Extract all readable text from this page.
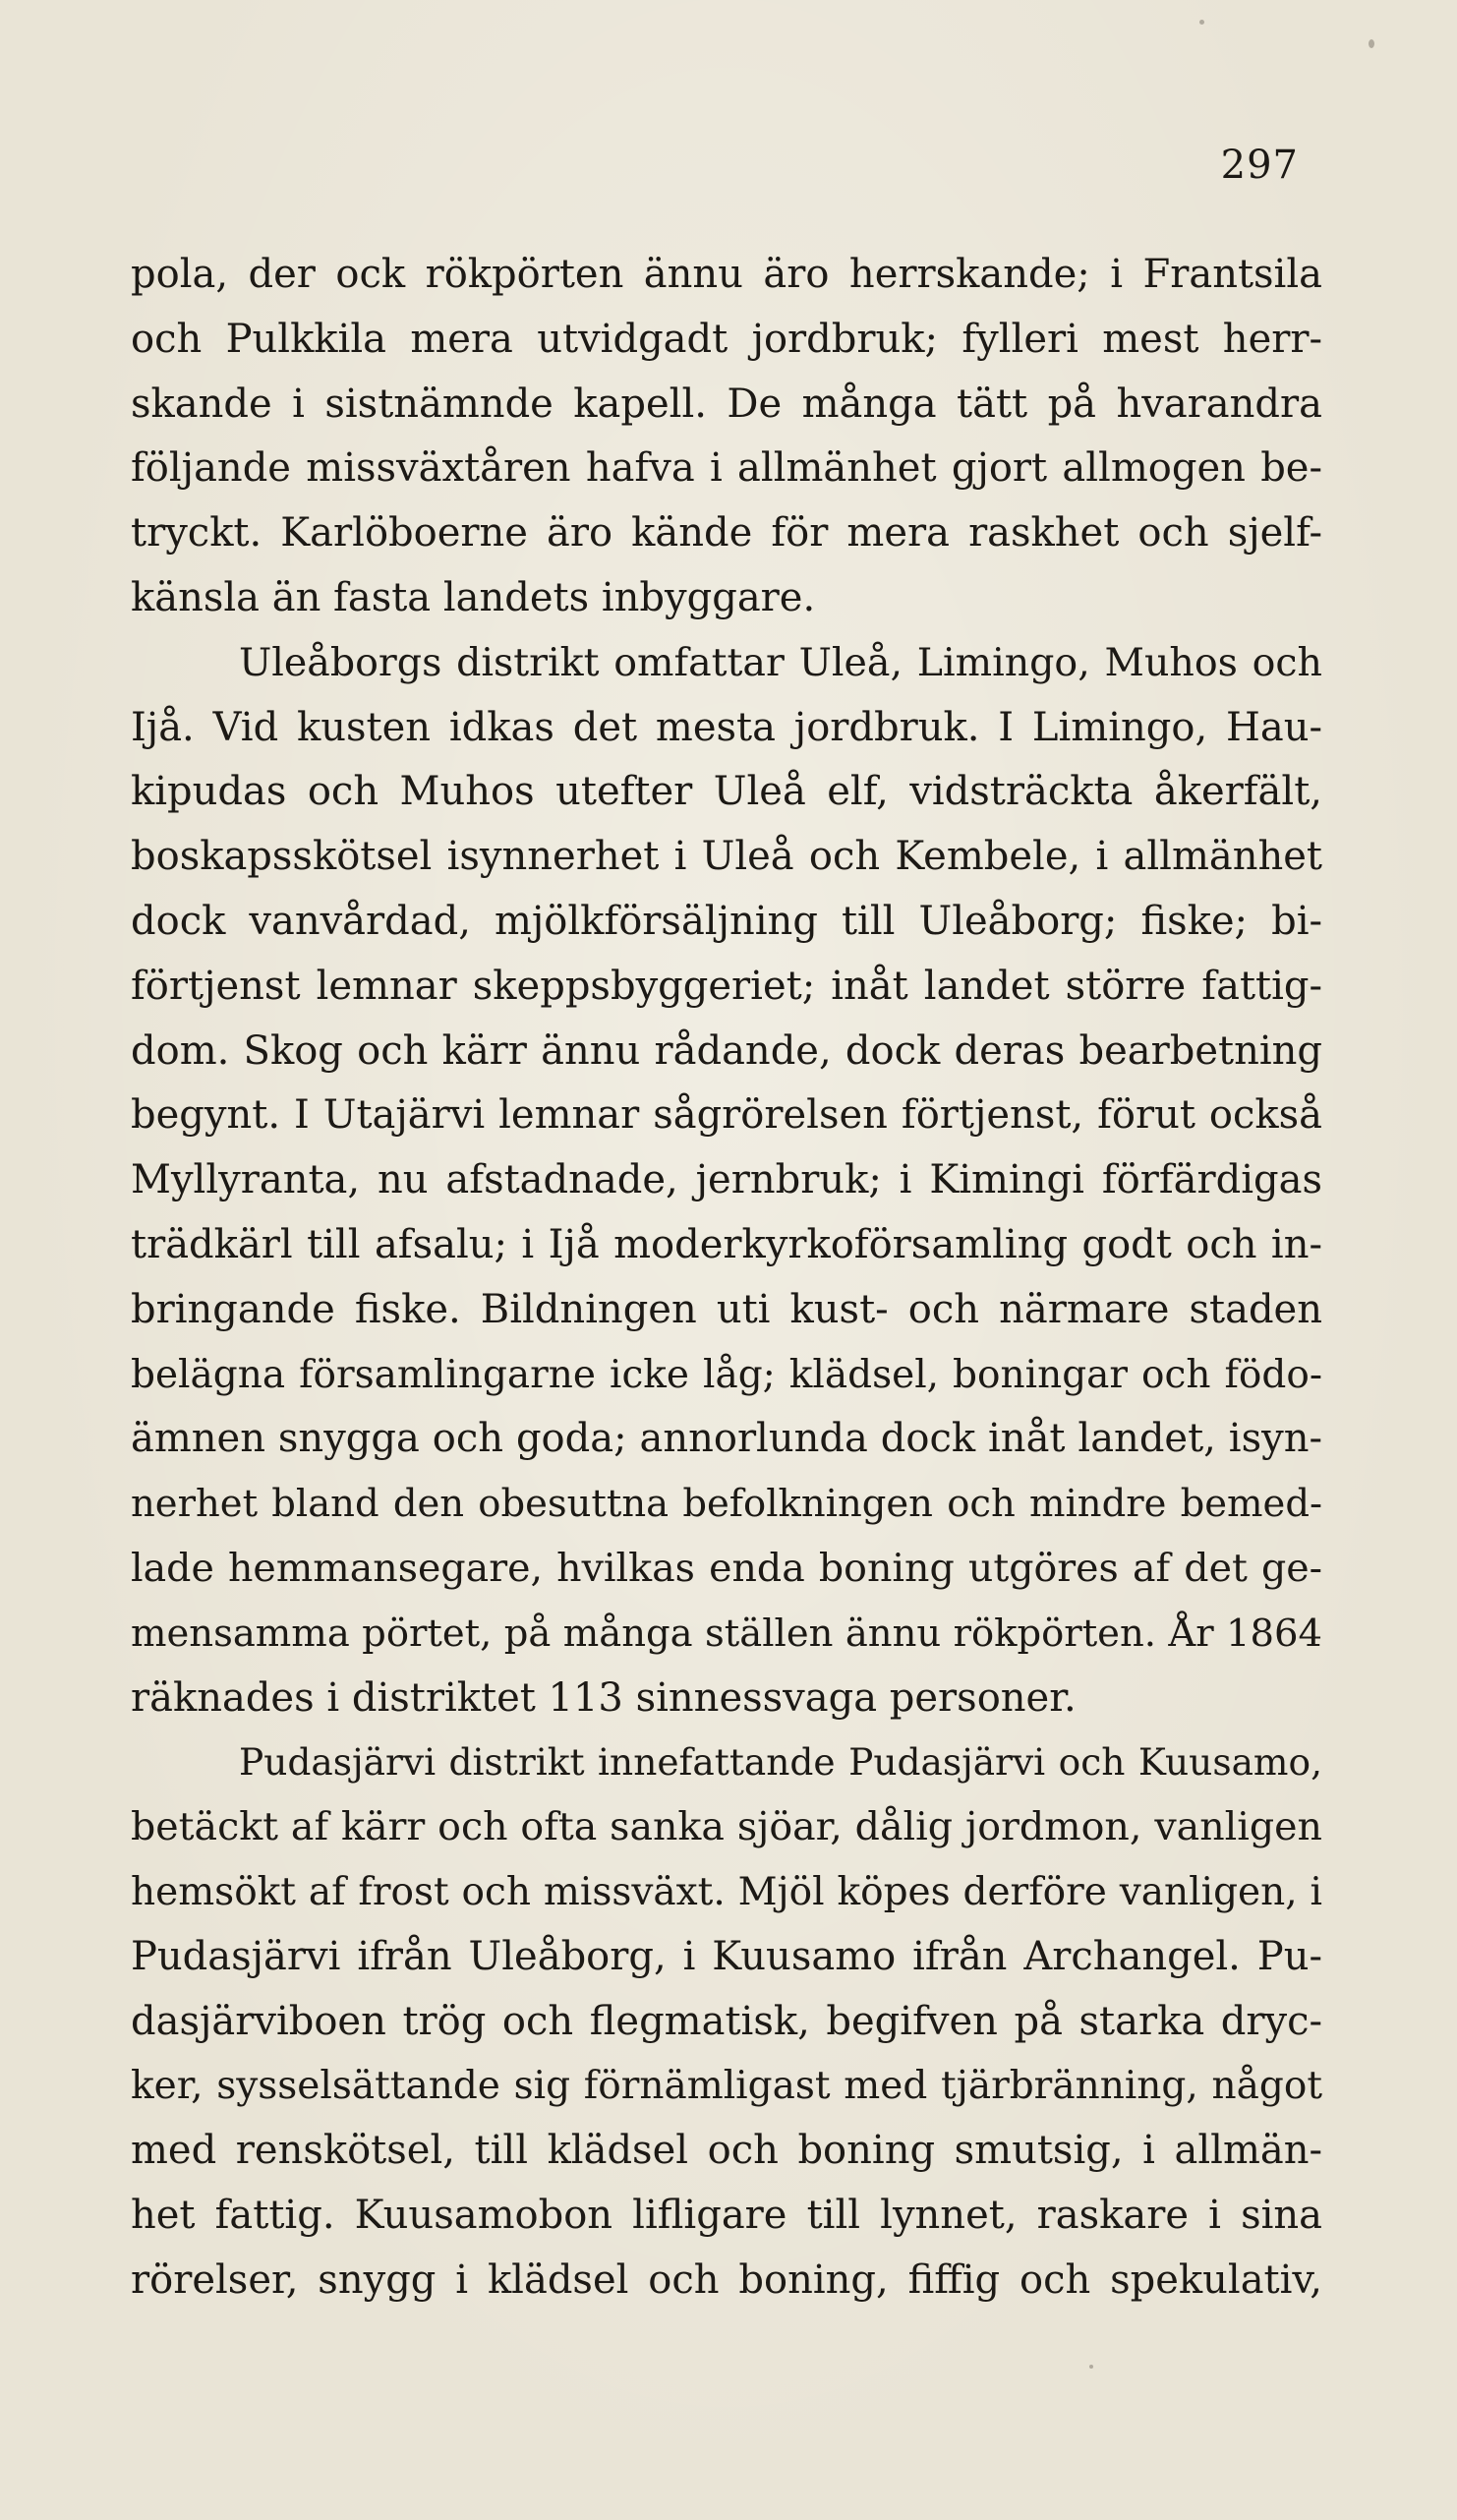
297
pola, der ock rökpörten ännu äro herrskande; i Frantsila
och Pulkkila mera utvidgadt jordbruk; fylleri mest herr-
skande i sistnämnde kapell. De många tätt på hvarandra
följande missväxtåren hafva i allmänhet gjort allmogen be-
tryckt. Karlöboerne äro kände för mera raskhet och sjelf-
känsla än fasta landets inbyggare.
Uleåborgs distrikt omfattar Uleå, Limingo, Muhos och
Ijå. Vid kusten idkas det mesta jordbruk. I Limingo, Hau-
kipudas och Muhos utefter Uleå elf, vidsträckta åkerfält,
boskapsskötsel isynnerhet i Uleå och Kembele, i allmänhet
dock vanvårdad, mjölkförsäljning till Uleåborg; fiske; bi-
förtjenst lemnar skeppsbyggeriet; inåt landet större fattig-
dom. Skog och kärr ännu rådande, dock deras bearbetning
begynt. I Utajärvi lemnar sågrörelsen förtjenst, förut också
Myllyranta, nu afstadnade, jernbruk; i Kimingi förfärdigas
trädkärl till afsalu; i Ijå moderkyrkoförsamling godt och in-
bringande fiske. Bildningen uti kust- och närmare staden
belägna församlingarne icke låg; klädsel, boningar och födo-
ämnen snygga och goda; annorlunda dock inåt landet, isyn-
nerhet bland den obesuttna befolkningen och mindre bemed-
lade hemmansegare, hvilkas enda boning utgöres af det ge-
mensamma pörtet, på många ställen ännu rökpörten. År 1864
räknades i distriktet 113 sinnessvaga personer.
Pudasjärvi distrikt innefattande Pudasjärvi och Kuusamo,
betäckt af kärr och ofta sanka sjöar, dålig jordmon, vanligen
hemsökt af frost och missväxt. Mjöl köpes derföre vanligen, i
Pudasjärvi ifrån Uleåborg, i Kuusamo ifrån Archangel. Pu-
dasjärviboen trög och flegmatisk, begifven på starka dryc-
ker, sysselsättande sig förnämligast med tjärbränning, något
med renskötsel, till klädsel och boning smutsig, i allmän-
het fattig. Kuusamobon lifligare till lynnet, raskare i sina
rörelser, snygg i klädsel och boning, fiffig och spekulativ,
